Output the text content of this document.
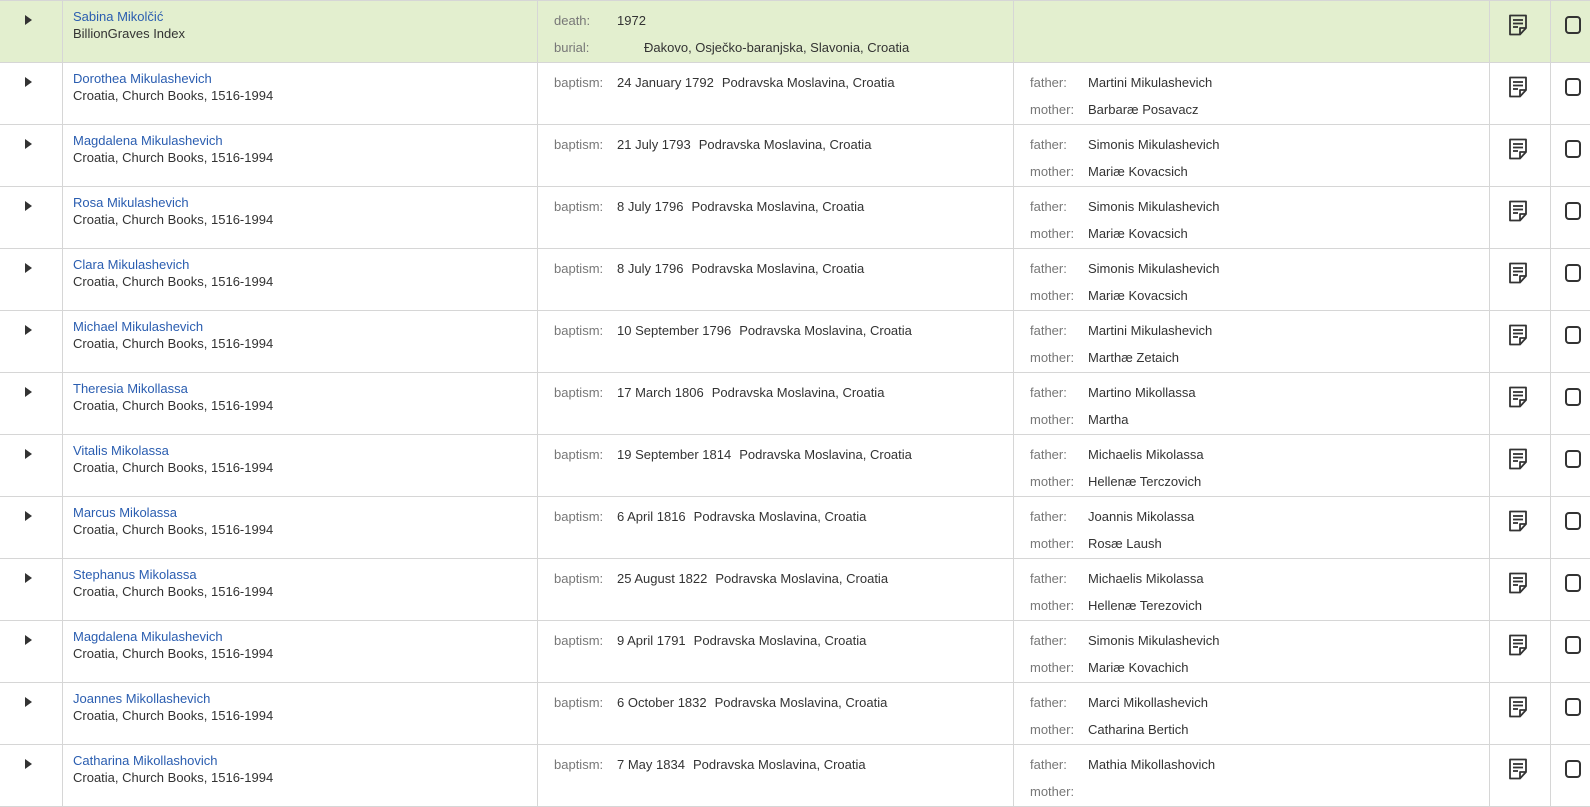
Sabina Mikolčić
BillionGraves Index
death: 1972
burial:	Đakovo, Osječko-baranjska, Slavonia, Croatia
Dorothea Mikulashevich
Croatia, Church Books, 1516-1994
baptism: 24 January 1792 Podravska Moslavina, Croatia	father: Martini Mikulashevich
mother: Barbaræ Posavacz
Magdalena Mikulashevich
Croatia, Church Books, 1516-1994
baptism: 21 July 1793 Podravska Moslavina, Croatia	father: Simonis Mikulashevich
mother: Mariæ Kovacsich
Rosa Mikulashevich
Croatia, Church Books, 1516-1994
baptism: 8 July 1796 Podravska Moslavina, Croatia	father: Simonis Mikulashevich
mother: Mariæ Kovacsich
Clara Mikulashevich
Croatia, Church Books, 1516-1994
baptism: 8 July 1796 Podravska Moslavina, Croatia	father: Simonis Mikulashevich
mother: Mariæ Kovacsich
Michael Mikulashevich
Croatia, Church Books, 1516-1994
baptism: 10 September 1796 Podravska Moslavina, Croatia	father: Martini Mikulashevich
mother: Marthæ Zetaich
Theresia Mikollassa
Croatia, Church Books, 1516-1994
baptism: 17 March 1806 Podravska Moslavina, Croatia	father: Martino Mikollassa
mother: Martha
Vitalis Mikolassa
Croatia, Church Books, 1516-1994
baptism: 19 September 1814 Podravska Moslavina, Croatia	father: Michaelis Mikolassa
mother: Hellenæ Terczovich
Marcus Mikolassa
Croatia, Church Books, 1516-1994
baptism: 6 April 1816 Podravska Moslavina, Croatia	father: Joannis Mikolassa
mother: Rosæ Laush
Stephanus Mikolassa
Croatia, Church Books, 1516-1994
baptism: 25 August 1822 Podravska Moslavina, Croatia	father: Michaelis Mikolassa
mother: Hellenæ Terezovich
Magdalena Mikulashevich
Croatia, Church Books, 1516-1994
baptism: 9 April 1791 Podravska Moslavina, Croatia	father: Simonis Mikulashevich
mother: Mariæ Kovachich
Joannes Mikollashevich
Croatia, Church Books, 1516-1994
baptism: 6 October 1832 Podravska Moslavina, Croatia	father: Marci Mikollashevich
mother: Catharina Bertich
Catharina Mikollashovich
Croatia, Church Books, 1516-1994
baptism: 7 May 1834 Podravska Moslavina, Croatia	father: Mathia Mikollashovich
mother:
